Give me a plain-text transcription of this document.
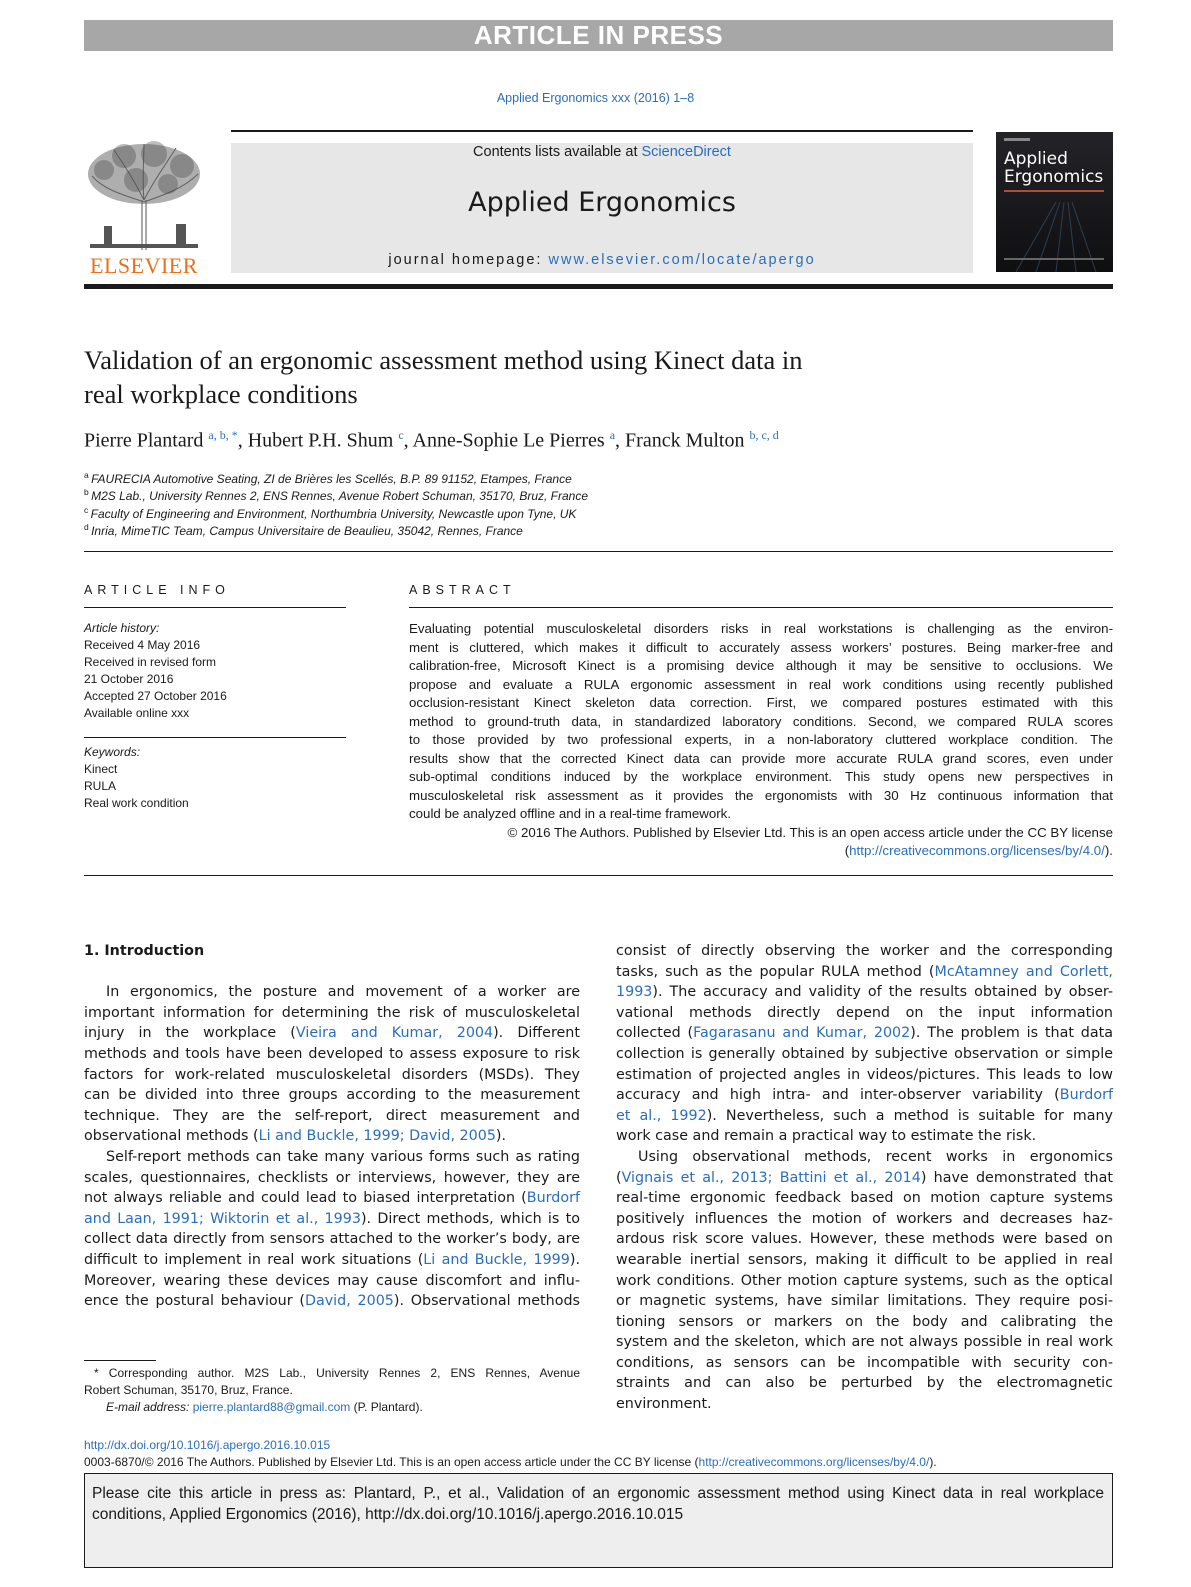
ARTICLE IN PRESS
Applied Ergonomics xxx (2016) 1–8
ELSEVIER
Contents lists available at ScienceDirect
Applied Ergonomics
journal homepage: www.elsevier.com/locate/apergo
Applied
Ergonomics
Validation of an ergonomic assessment method using Kinect data in
real workplace conditions
Pierre Plantard $^{a, b, *}$, Hubert P.H. Shum $^c$, Anne-Sophie Le Pierres $^a$, Franck Multon $^{b, c, d}$
$^a$ FAURECIA Automotive Seating, ZI de Brières les Scellés, B.P. 89 91152, Etampes, France
$^b$ M2S Lab., University Rennes 2, ENS Rennes, Avenue Robert Schuman, 35170, Bruz, France
$^c$ Faculty of Engineering and Environment, Northumbria University, Newcastle upon Tyne, UK
$^d$ Inria, MimeTIC Team, Campus Universitaire de Beaulieu, 35042, Rennes, France
ARTICLE INFO	ABSTRACT
Article history:
Received 4 May 2016
Received in revised form
21 October 2016
Accepted 27 October 2016
Available online xxx
Keywords:
Kinect
RULA
Real work condition
Evaluating potential musculoskeletal disorders risks in real workstations is challenging as the environ-
ment is cluttered, which makes it difficult to accurately assess workers’ postures. Being marker-free and
calibration-free, Microsoft Kinect is a promising device although it may be sensitive to occlusions. We
propose and evaluate a RULA ergonomic assessment in real work conditions using recently published
occlusion-resistant Kinect skeleton data correction. First, we compared postures estimated with this
method to ground-truth data, in standardized laboratory conditions. Second, we compared RULA scores
to those provided by two professional experts, in a non-laboratory cluttered workplace condition. The
results show that the corrected Kinect data can provide more accurate RULA grand scores, even under
sub-optimal conditions induced by the workplace environment. This study opens new perspectives in
musculoskeletal risk assessment as it provides the ergonomists with 30 Hz continuous information that
could be analyzed offline and in a real-time framework.
© 2016 The Authors. Published by Elsevier Ltd. This is an open access article under the CC BY license
(http://creativecommons.org/licenses/by/4.0/).
1. Introduction
In ergonomics, the posture and movement of a worker are
important information for determining the risk of musculoskeletal
injury in the workplace (Vieira and Kumar, 2004). Different
methods and tools have been developed to assess exposure to risk
factors for work-related musculoskeletal disorders (MSDs). They
can be divided into three groups according to the measurement
technique. They are the self-report, direct measurement and
observational methods (Li and Buckle, 1999; David, 2005).
Self-report methods can take many various forms such as rating
scales, questionnaires, checklists or interviews, however, they are
not always reliable and could lead to biased interpretation (Burdorf
and Laan, 1991; Wiktorin et al., 1993). Direct methods, which is to
collect data directly from sensors attached to the worker’s body, are
difficult to implement in real work situations (Li and Buckle, 1999).
Moreover, wearing these devices may cause discomfort and influ-
ence the postural behaviour (David, 2005). Observational methods
consist of directly observing the worker and the corresponding
tasks, such as the popular RULA method (McAtamney and Corlett,
1993). The accuracy and validity of the results obtained by obser-
vational methods directly depend on the input information
collected (Fagarasanu and Kumar, 2002). The problem is that data
collection is generally obtained by subjective observation or simple
estimation of projected angles in videos/pictures. This leads to low
accuracy and high intra- and inter-observer variability (Burdorf
et al., 1992). Nevertheless, such a method is suitable for many
work case and remain a practical way to estimate the risk.
Using observational methods, recent works in ergonomics
(Vignais et al., 2013; Battini et al., 2014) have demonstrated that
real-time ergonomic feedback based on motion capture systems
positively influences the motion of workers and decreases haz-
ardous risk score values. However, these methods were based on
wearable inertial sensors, making it difficult to be applied in real
work conditions. Other motion capture systems, such as the optical
or magnetic systems, have similar limitations. They require posi-
tioning sensors or markers on the body and calibrating the
system and the skeleton, which are not always possible in real work
conditions, as sensors can be incompatible with security con-
straints and can also be perturbed by the electromagnetic
environment.
* Corresponding author. M2S Lab., University Rennes 2, ENS Rennes, Avenue
Robert Schuman, 35170, Bruz, France.
E-mail address: pierre.plantard88@gmail.com (P. Plantard).
http://dx.doi.org/10.1016/j.apergo.2016.10.015
0003-6870/© 2016 The Authors. Published by Elsevier Ltd. This is an open access article under the CC BY license (http://creativecommons.org/licenses/by/4.0/).
Please cite this article in press as: Plantard, P., et al., Validation of an ergonomic assessment method using Kinect data in real workplace
conditions, Applied Ergonomics (2016), http://dx.doi.org/10.1016/j.apergo.2016.10.015
